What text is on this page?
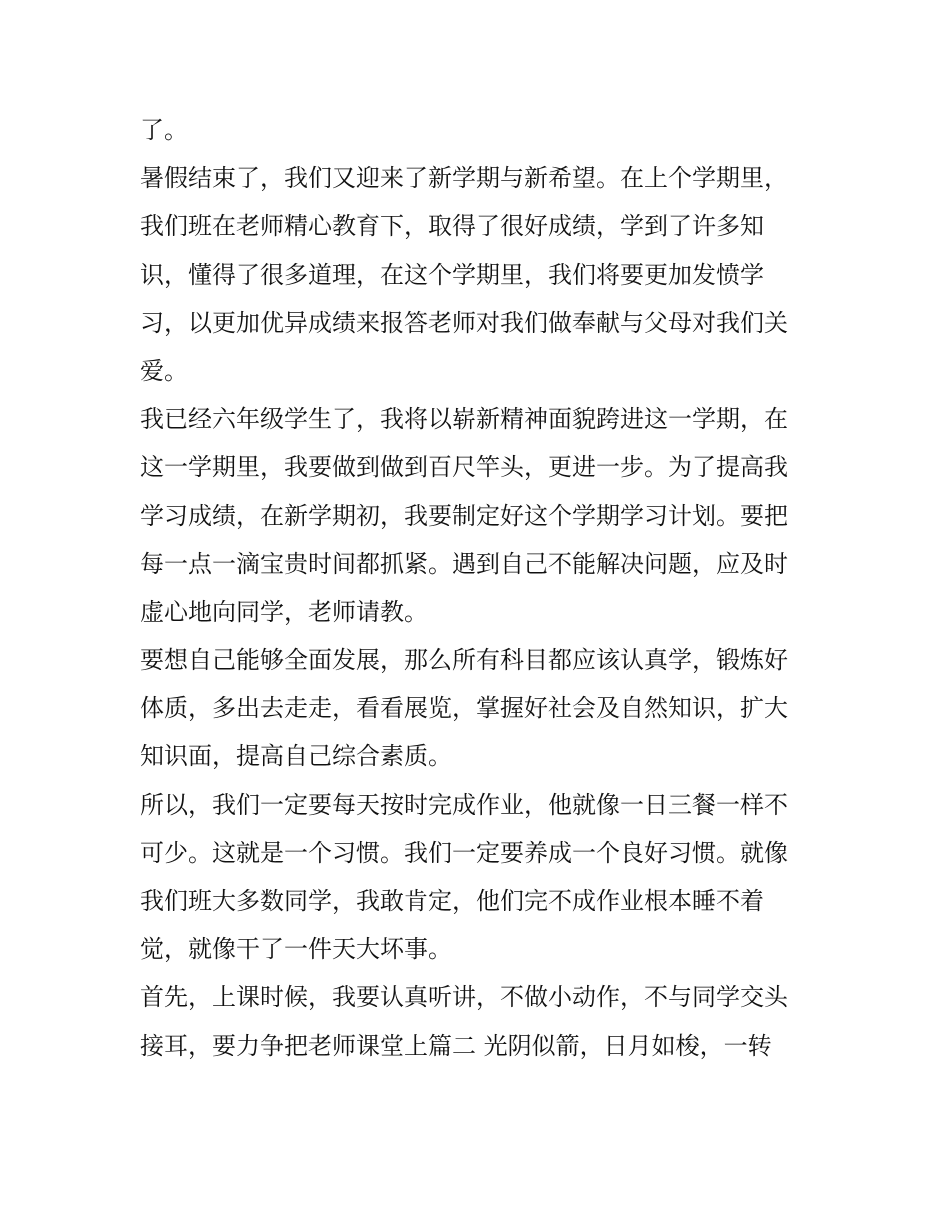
了。
暑假结束了，我们又迎来了新学期与新希望。在上个学期里，
我们班在老师精心教育下，取得了很好成绩，学到了许多知
识，懂得了很多道理，在这个学期里，我们将要更加发愤学
习，以更加优异成绩来报答老师对我们做奉献与父母对我们关
爱。
我已经六年级学生了，我将以崭新精神面貌跨进这一学期，在
这一学期里，我要做到做到百尺竿头，更进一步。为了提高我
学习成绩，在新学期初，我要制定好这个学期学习计划。要把
每一点一滴宝贵时间都抓紧。遇到自己不能解决问题，应及时
虚心地向同学，老师请教。
要想自己能够全面发展，那么所有科目都应该认真学，锻炼好
体质，多出去走走，看看展览，掌握好社会及自然知识，扩大
知识面，提高自己综合素质。
所以，我们一定要每天按时完成作业，他就像一日三餐一样不
可少。这就是一个习惯。我们一定要养成一个良好习惯。就像
我们班大多数同学，我敢肯定，他们完不成作业根本睡不着
觉，就像干了一件天大坏事。
首先，上课时候，我要认真听讲，不做小动作，不与同学交头
接耳，要力争把老师课堂上篇二 光阴似箭，日月如梭，一转
